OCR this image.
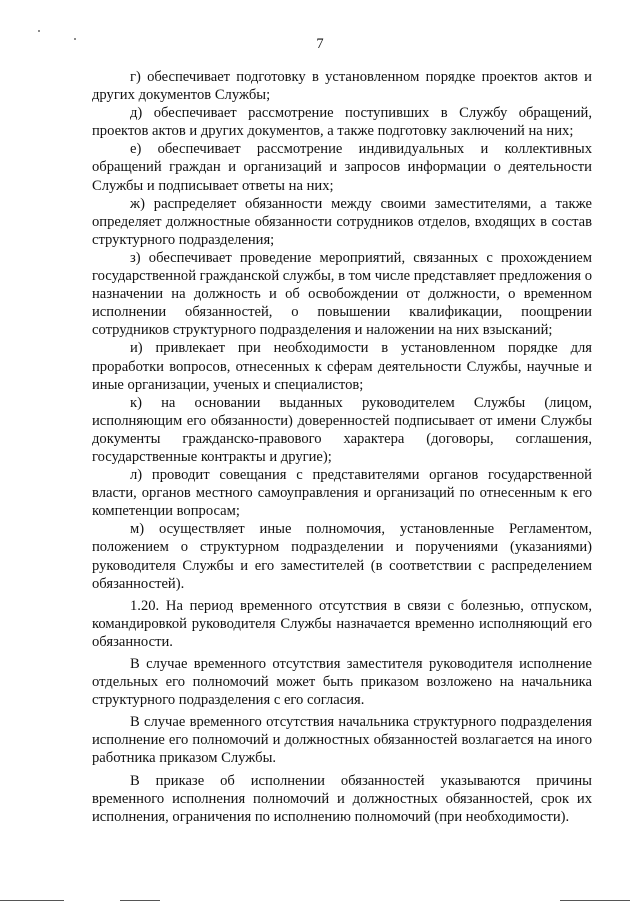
7

г) обеспечивает подготовку в установленном порядке проектов актов и других документов Службы;

д) обеспечивает рассмотрение поступивших в Службу обращений, проектов актов и других документов, а также подготовку заключений на них;

е) обеспечивает рассмотрение индивидуальных и коллективных обращений граждан и организаций и запросов информации о деятельности Службы и подписывает ответы на них;

ж) распределяет обязанности между своими заместителями, а также определяет должностные обязанности сотрудников отделов, входящих в состав структурного подразделения;

з) обеспечивает проведение мероприятий, связанных с прохождением государственной гражданской службы, в том числе представляет предложения о назначении на должность и об освобождении от должности, о временном исполнении обязанностей, о повышении квалификации, поощрении сотрудников структурного подразделения и наложении на них взысканий;

и) привлекает при необходимости в установленном порядке для проработки вопросов, отнесенных к сферам деятельности Службы, научные и иные организации, ученых и специалистов;

к) на основании выданных руководителем Службы (лицом, исполняющим его обязанности) доверенностей подписывает от имени Службы документы гражданско-правового характера (договоры, соглашения, государственные контракты и другие);

л) проводит совещания с представителями органов государственной власти, органов местного самоуправления и организаций по отнесенным к его компетенции вопросам;

м) осуществляет иные полномочия, установленные Регламентом, положением о структурном подразделении и поручениями (указаниями) руководителя Службы и его заместителей (в соответствии с распределением обязанностей).

1.20. На период временного отсутствия в связи с болезнью, отпуском, командировкой руководителя Службы назначается временно исполняющий его обязанности.

В случае временного отсутствия заместителя руководителя исполнение отдельных его полномочий может быть приказом возложено на начальника структурного подразделения с его согласия.

В случае временного отсутствия начальника структурного подразделения исполнение его полномочий и должностных обязанностей возлагается на иного работника приказом Службы.

В приказе об исполнении обязанностей указываются причины временного исполнения полномочий и должностных обязанностей, срок их исполнения, ограничения по исполнению полномочий (при необходимости).
